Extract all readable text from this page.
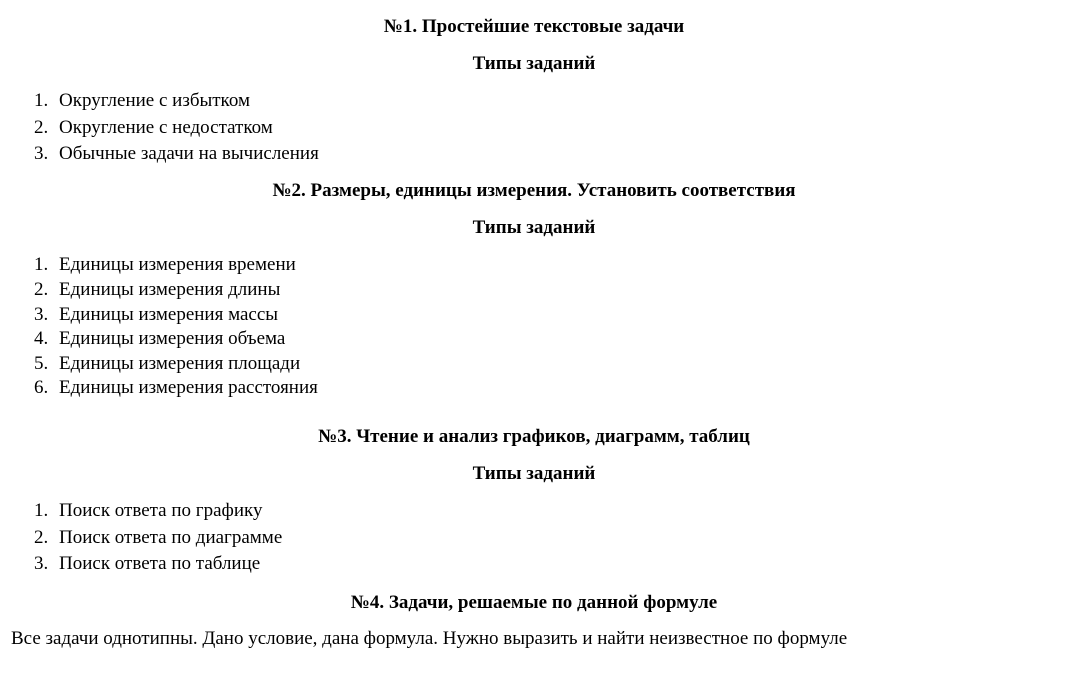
№1. Простейшие текстовые задачи
Типы заданий
1. Округление с избытком
2. Округление с недостатком
3. Обычные задачи на вычисления
№2. Размеры, единицы измерения. Установить соответствия
Типы заданий
1. Единицы измерения времени
2. Единицы измерения длины
3. Единицы измерения массы
4. Единицы измерения объема
5. Единицы измерения площади
6. Единицы измерения расстояния
№3. Чтение и анализ графиков, диаграмм, таблиц
Типы заданий
1. Поиск ответа по графику
2. Поиск ответа по диаграмме
3. Поиск ответа по таблице
№4. Задачи, решаемые по данной формуле
Все задачи однотипны. Дано условие, дана формула. Нужно выразить и найти неизвестное по формуле
